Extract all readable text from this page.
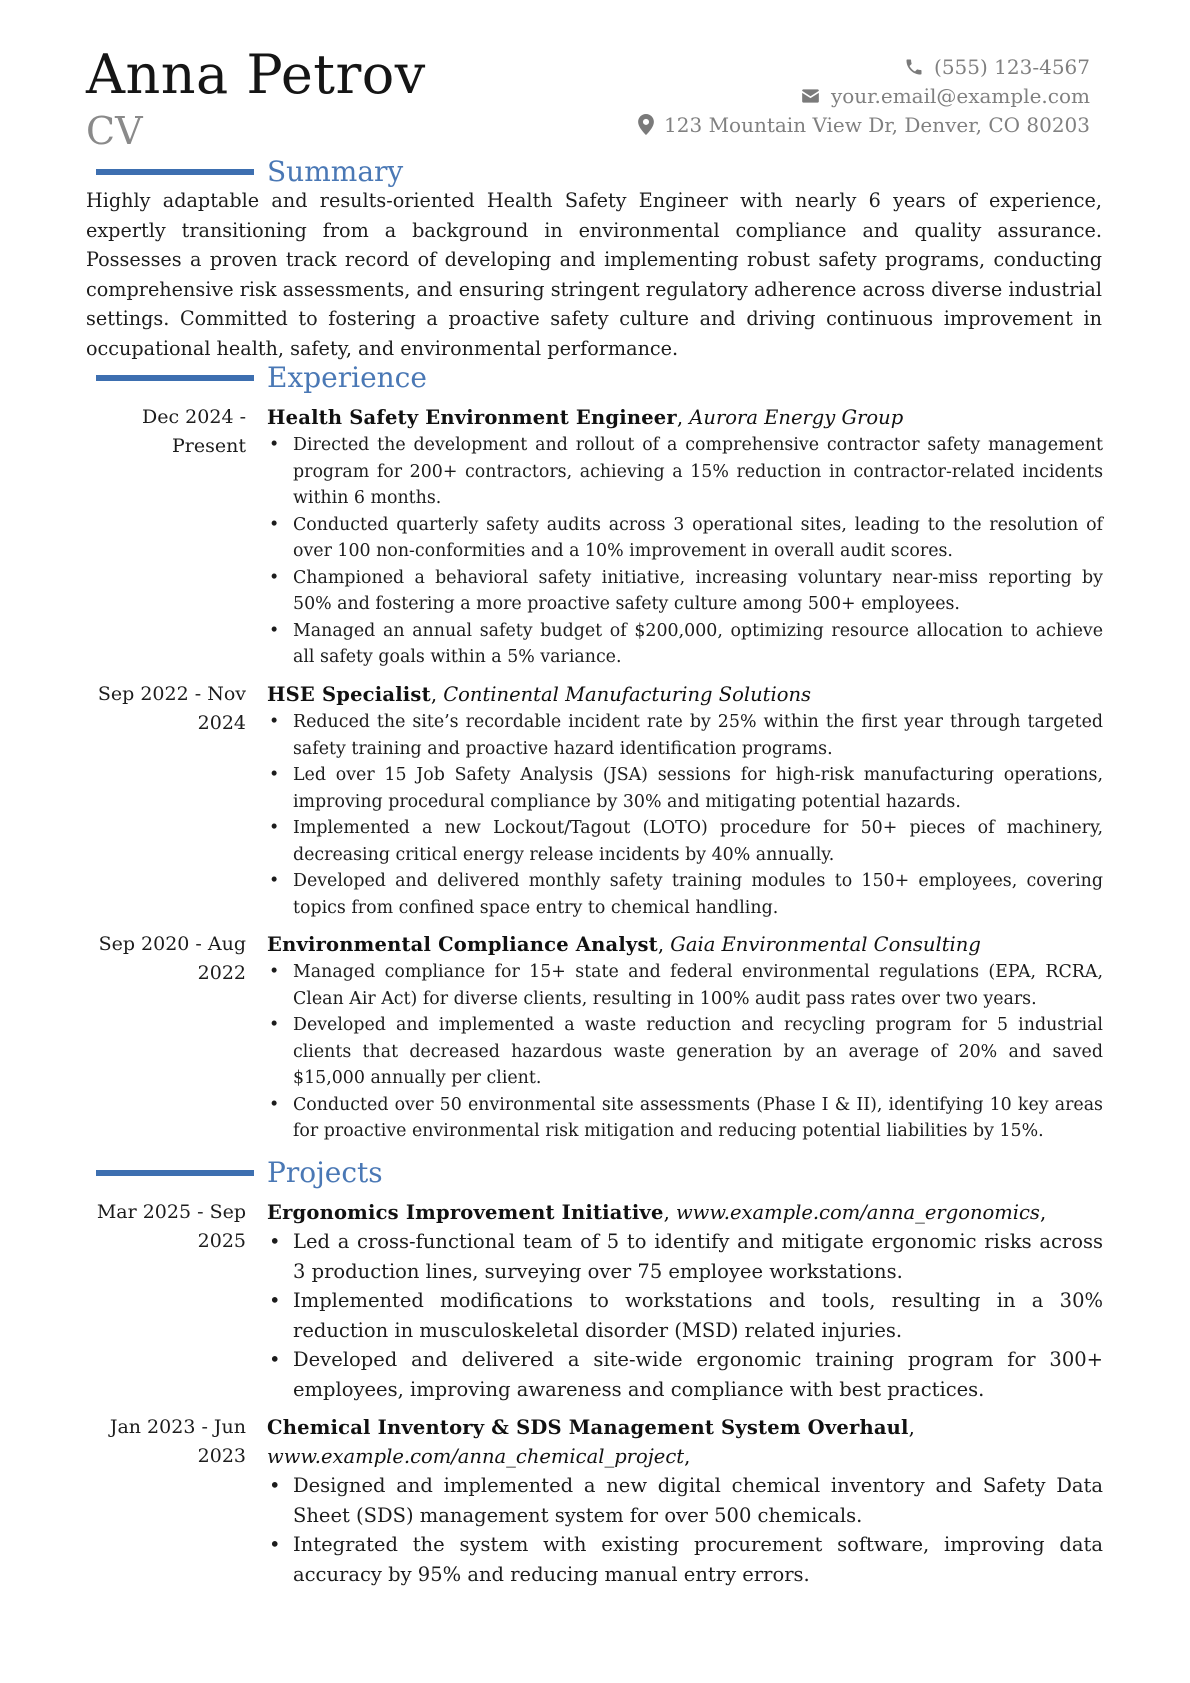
Anna Petrov
CV
(555) 123-4567
your.email@example.com
123 Mountain View Dr, Denver, CO 80203
Summary
Highly adaptable and results-oriented Health Safety Engineer with nearly 6 years of experience, expertly transitioning from a background in environmental compliance and quality assurance. Possesses a proven track record of developing and implementing robust safety programs, conducting comprehensive risk assessments, and ensuring stringent regulatory adherence across diverse industrial settings. Committed to fostering a proactive safety culture and driving continuous improvement in occupational health, safety, and environmental performance.
Experience
Dec 2024 - Present
Health Safety Environment Engineer, Aurora Energy Group
• Directed the development and rollout of a comprehensive contractor safety management program for 200+ contractors, achieving a 15% reduction in contractor-related incidents within 6 months.
• Conducted quarterly safety audits across 3 operational sites, leading to the resolution of over 100 non-conformities and a 10% improvement in overall audit scores.
• Championed a behavioral safety initiative, increasing voluntary near-miss reporting by 50% and fostering a more proactive safety culture among 500+ employees.
• Managed an annual safety budget of $200,000, optimizing resource allocation to achieve all safety goals within a 5% variance.
Sep 2022 - Nov 2024
HSE Specialist, Continental Manufacturing Solutions
• Reduced the site’s recordable incident rate by 25% within the first year through targeted safety training and proactive hazard identification programs.
• Led over 15 Job Safety Analysis (JSA) sessions for high-risk manufacturing operations, improving procedural compliance by 30% and mitigating potential hazards.
• Implemented a new Lockout/Tagout (LOTO) procedure for 50+ pieces of machinery, decreasing critical energy release incidents by 40% annually.
• Developed and delivered monthly safety training modules to 150+ employees, covering topics from confined space entry to chemical handling.
Sep 2020 - Aug 2022
Environmental Compliance Analyst, Gaia Environmental Consulting
• Managed compliance for 15+ state and federal environmental regulations (EPA, RCRA, Clean Air Act) for diverse clients, resulting in 100% audit pass rates over two years.
• Developed and implemented a waste reduction and recycling program for 5 industrial clients that decreased hazardous waste generation by an average of 20% and saved $15,000 annually per client.
• Conducted over 50 environmental site assessments (Phase I & II), identifying 10 key areas for proactive environmental risk mitigation and reducing potential liabilities by 15%.
Projects
Mar 2025 - Sep 2025
Ergonomics Improvement Initiative, www.example.com/anna_ergonomics,
• Led a cross-functional team of 5 to identify and mitigate ergonomic risks across 3 production lines, surveying over 75 employee workstations.
• Implemented modifications to workstations and tools, resulting in a 30% reduction in musculoskeletal disorder (MSD) related injuries.
• Developed and delivered a site-wide ergonomic training program for 300+ employees, improving awareness and compliance with best practices.
Jan 2023 - Jun 2023
Chemical Inventory & SDS Management System Overhaul, www.example.com/anna_chemical_project,
• Designed and implemented a new digital chemical inventory and Safety Data Sheet (SDS) management system for over 500 chemicals.
• Integrated the system with existing procurement software, improving data accuracy by 95% and reducing manual entry errors.
